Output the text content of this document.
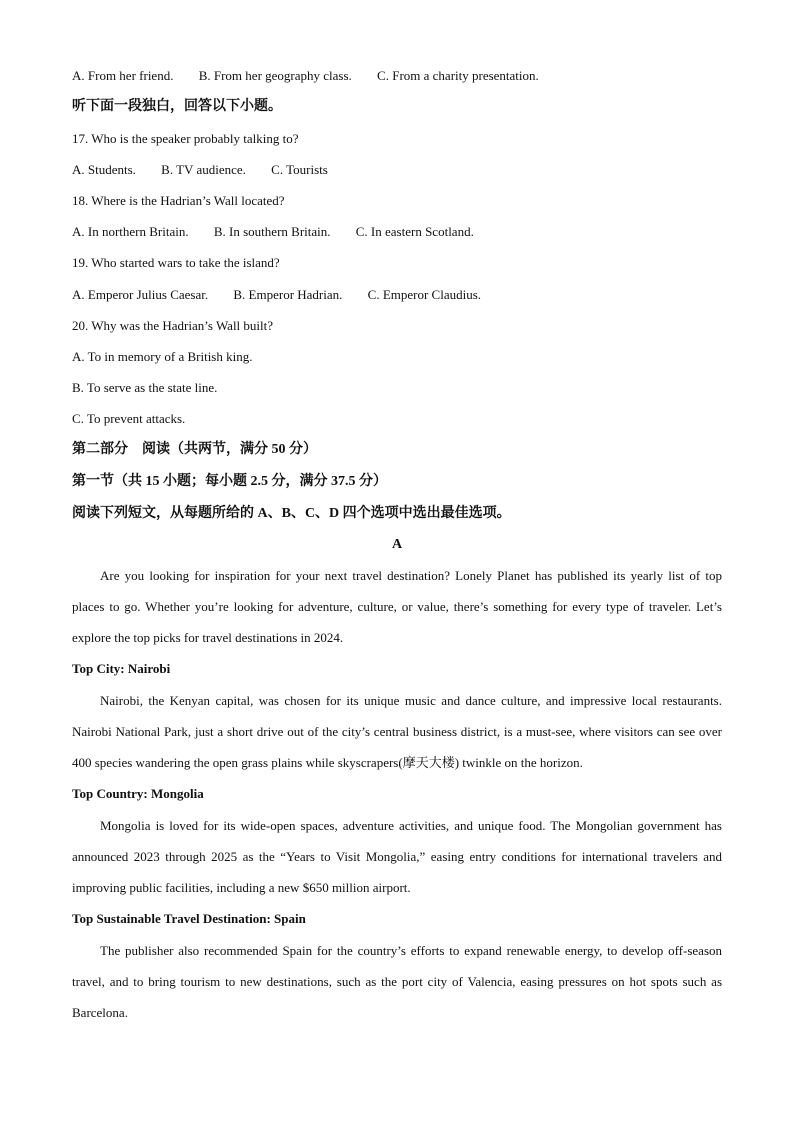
A. From her friend. B. From her geography class. C. From a charity presentation.
听下面一段独白，回答以下小题。
17. Who is the speaker probably talking to?
A. Students. B. TV audience. C. Tourists
18. Where is the Hadrian’s Wall located?
A. In northern Britain. B. In southern Britain. C. In eastern Scotland.
19. Who started wars to take the island?
A. Emperor Julius Caesar. B. Emperor Hadrian. C. Emperor Claudius.
20. Why was the Hadrian’s Wall built?
A. To in memory of a British king.
B. To serve as the state line.
C. To prevent attacks.
第二部分　阅读（共两节，满分 50 分）
第一节（共 15 小题；每小题 2.5 分，满分 37.5 分）
阅读下列短文，从每题所给的 A、B、C、D 四个选项中选出最佳选项。
A
Are you looking for inspiration for your next travel destination? Lonely Planet has published its yearly list of top places to go. Whether you’re looking for adventure, culture, or value, there’s something for every type of traveler. Let’s explore the top picks for travel destinations in 2024.
Top City: Nairobi
Nairobi, the Kenyan capital, was chosen for its unique music and dance culture, and impressive local restaurants. Nairobi National Park, just a short drive out of the city’s central business district, is a must-see, where visitors can see over 400 species wandering the open grass plains while skyscrapers(摩天大楼) twinkle on the horizon.
Top Country: Mongolia
Mongolia is loved for its wide-open spaces, adventure activities, and unique food. The Mongolian government has announced 2023 through 2025 as the “Years to Visit Mongolia,” easing entry conditions for international travelers and improving public facilities, including a new $650 million airport.
Top Sustainable Travel Destination: Spain
The publisher also recommended Spain for the country’s efforts to expand renewable energy, to develop off-season travel, and to bring tourism to new destinations, such as the port city of Valencia, easing pressures on hot spots such as Barcelona.
